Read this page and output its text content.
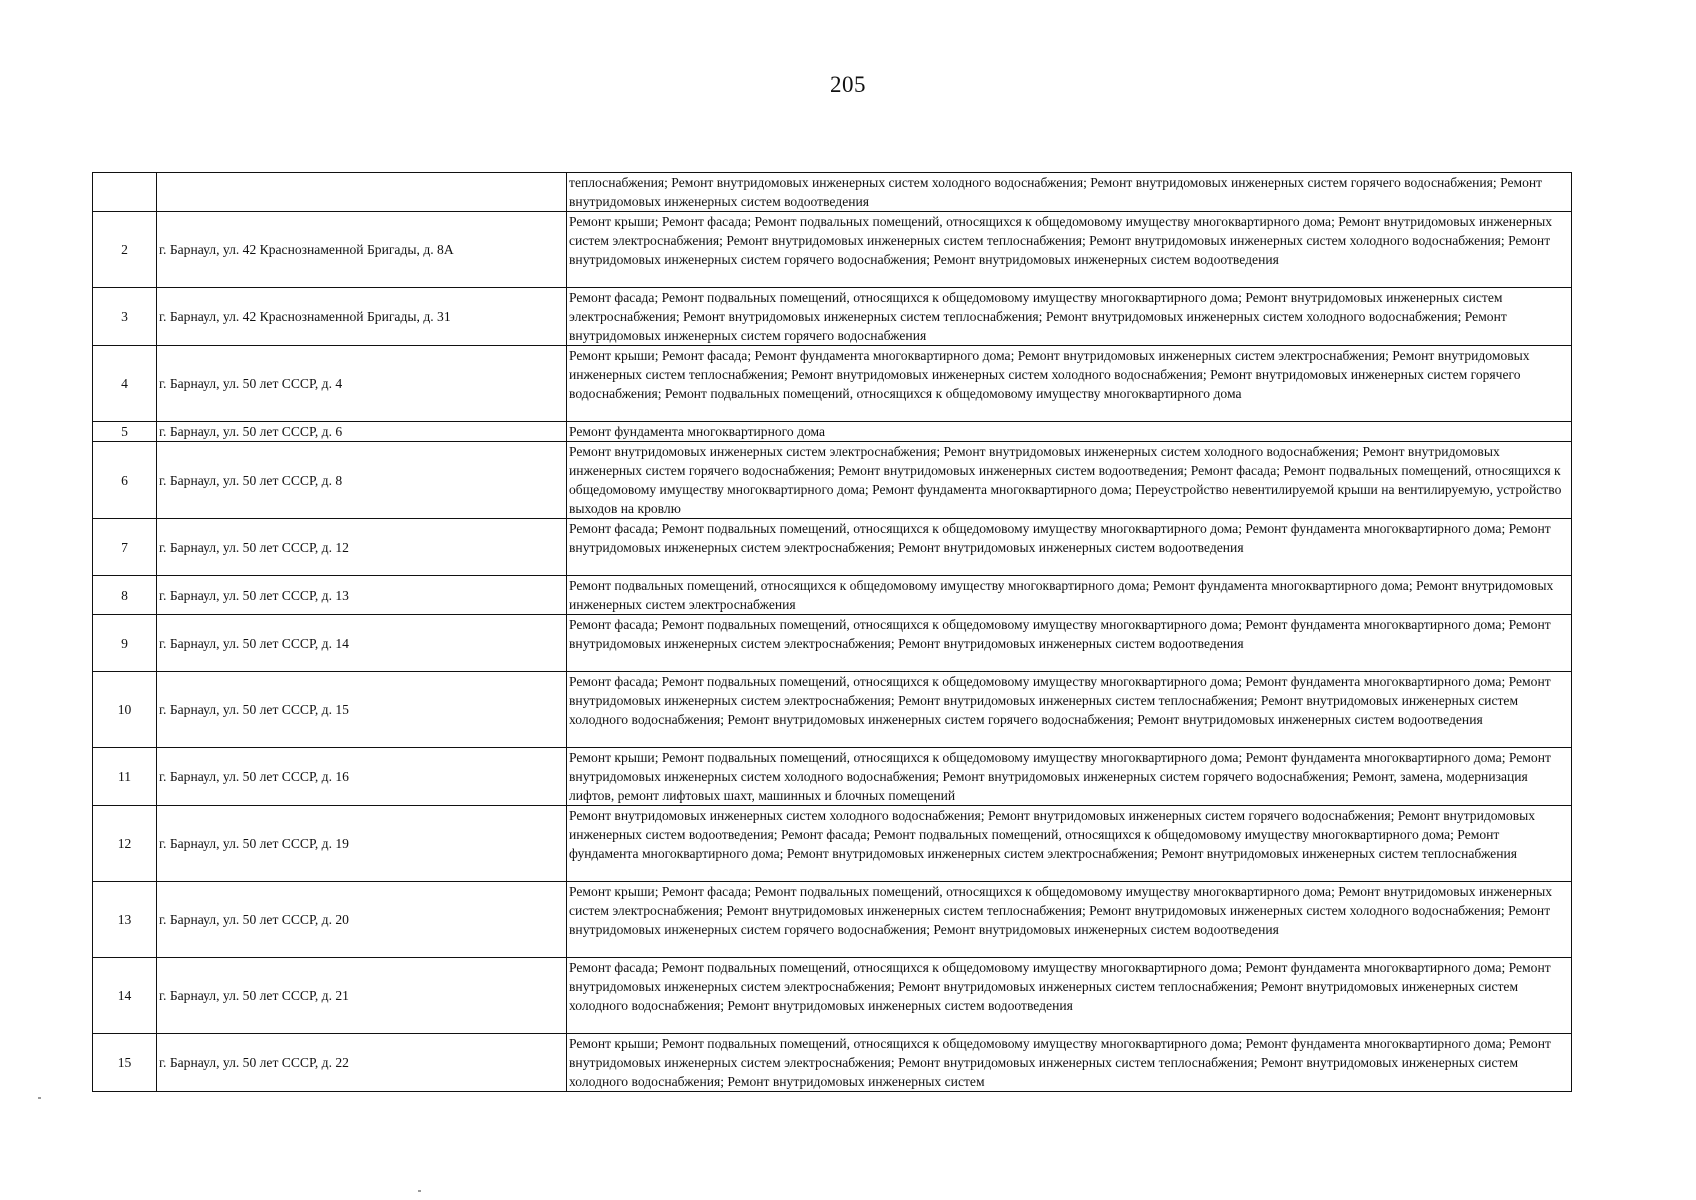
205
		теплоснабжения; Ремонт внутридомовых инженерных систем холодного водоснабжения; Ремонт внутридомовых инженерных систем горячего водоснабжения; Ремонт внутридомовых инженерных систем водоотведения
2	г. Барнаул, ул. 42 Краснознаменной Бригады, д. 8А	Ремонт крыши; Ремонт фасада; Ремонт подвальных помещений, относящихся к общедомовому имуществу многоквартирного дома; Ремонт внутридомовых инженерных систем электроснабжения; Ремонт внутридомовых инженерных систем теплоснабжения; Ремонт внутридомовых инженерных систем холодного водоснабжения; Ремонт внутридомовых инженерных систем горячего водоснабжения; Ремонт внутридомовых инженерных систем водоотведения
3	г. Барнаул, ул. 42 Краснознаменной Бригады, д. 31	Ремонт фасада; Ремонт подвальных помещений, относящихся к общедомовому имуществу многоквартирного дома; Ремонт внутридомовых инженерных систем электроснабжения; Ремонт внутридомовых инженерных систем теплоснабжения; Ремонт внутридомовых инженерных систем холодного водоснабжения; Ремонт внутридомовых инженерных систем горячего водоснабжения
4	г. Барнаул, ул. 50 лет СССР, д. 4	Ремонт крыши; Ремонт фасада; Ремонт фундамента многоквартирного дома; Ремонт внутридомовых инженерных систем электроснабжения; Ремонт внутридомовых инженерных систем теплоснабжения; Ремонт внутридомовых инженерных систем холодного водоснабжения; Ремонт внутридомовых инженерных систем горячего водоснабжения; Ремонт подвальных помещений, относящихся к общедомовому имуществу многоквартирного дома
5	г. Барнаул, ул. 50 лет СССР, д. 6	Ремонт фундамента многоквартирного дома
6	г. Барнаул, ул. 50 лет СССР, д. 8	Ремонт внутридомовых инженерных систем электроснабжения; Ремонт внутридомовых инженерных систем холодного водоснабжения; Ремонт внутридомовых инженерных систем горячего водоснабжения; Ремонт внутридомовых инженерных систем водоотведения; Ремонт фасада; Ремонт подвальных помещений, относящихся к общедомовому имуществу многоквартирного дома; Ремонт фундамента многоквартирного дома; Переустройство невентилируемой крыши на вентилируемую, устройство выходов на кровлю
7	г. Барнаул, ул. 50 лет СССР, д. 12	Ремонт фасада; Ремонт подвальных помещений, относящихся к общедомовому имуществу многоквартирного дома; Ремонт фундамента многоквартирного дома; Ремонт внутридомовых инженерных систем электроснабжения; Ремонт внутридомовых инженерных систем водоотведения
8	г. Барнаул, ул. 50 лет СССР, д. 13	Ремонт подвальных помещений, относящихся к общедомовому имуществу многоквартирного дома; Ремонт фундамента многоквартирного дома; Ремонт внутридомовых инженерных систем электроснабжения
9	г. Барнаул, ул. 50 лет СССР, д. 14	Ремонт фасада; Ремонт подвальных помещений, относящихся к общедомовому имуществу многоквартирного дома; Ремонт фундамента многоквартирного дома; Ремонт внутридомовых инженерных систем электроснабжения; Ремонт внутридомовых инженерных систем водоотведения
10	г. Барнаул, ул. 50 лет СССР, д. 15	Ремонт фасада; Ремонт подвальных помещений, относящихся к общедомовому имуществу многоквартирного дома; Ремонт фундамента многоквартирного дома; Ремонт внутридомовых инженерных систем электроснабжения; Ремонт внутридомовых инженерных систем теплоснабжения; Ремонт внутридомовых инженерных систем холодного водоснабжения; Ремонт внутридомовых инженерных систем горячего водоснабжения; Ремонт внутридомовых инженерных систем водоотведения
11	г. Барнаул, ул. 50 лет СССР, д. 16	Ремонт крыши; Ремонт подвальных помещений, относящихся к общедомовому имуществу многоквартирного дома; Ремонт фундамента многоквартирного дома; Ремонт внутридомовых инженерных систем холодного водоснабжения; Ремонт внутридомовых инженерных систем горячего водоснабжения; Ремонт, замена, модернизация лифтов, ремонт лифтовых шахт, машинных и блочных помещений
12	г. Барнаул, ул. 50 лет СССР, д. 19	Ремонт внутридомовых инженерных систем холодного водоснабжения; Ремонт внутридомовых инженерных систем горячего водоснабжения; Ремонт внутридомовых инженерных систем водоотведения; Ремонт фасада; Ремонт подвальных помещений, относящихся к общедомовому имуществу многоквартирного дома; Ремонт фундамента многоквартирного дома; Ремонт внутридомовых инженерных систем электроснабжения; Ремонт внутридомовых инженерных систем теплоснабжения
13	г. Барнаул, ул. 50 лет СССР, д. 20	Ремонт крыши; Ремонт фасада; Ремонт подвальных помещений, относящихся к общедомовому имуществу многоквартирного дома; Ремонт внутридомовых инженерных систем электроснабжения; Ремонт внутридомовых инженерных систем теплоснабжения; Ремонт внутридомовых инженерных систем холодного водоснабжения; Ремонт внутридомовых инженерных систем горячего водоснабжения; Ремонт внутридомовых инженерных систем водоотведения
14	г. Барнаул, ул. 50 лет СССР, д. 21	Ремонт фасада; Ремонт подвальных помещений, относящихся к общедомовому имуществу многоквартирного дома; Ремонт фундамента многоквартирного дома; Ремонт внутридомовых инженерных систем электроснабжения; Ремонт внутридомовых инженерных систем теплоснабжения; Ремонт внутридомовых инженерных систем холодного водоснабжения; Ремонт внутридомовых инженерных систем водоотведения
15	г. Барнаул, ул. 50 лет СССР, д. 22	Ремонт крыши; Ремонт подвальных помещений, относящихся к общедомовому имуществу многоквартирного дома; Ремонт фундамента многоквартирного дома; Ремонт внутридомовых инженерных систем электроснабжения; Ремонт внутридомовых инженерных систем теплоснабжения; Ремонт внутридомовых инженерных систем холодного водоснабжения; Ремонт внутридомовых инженерных систем
